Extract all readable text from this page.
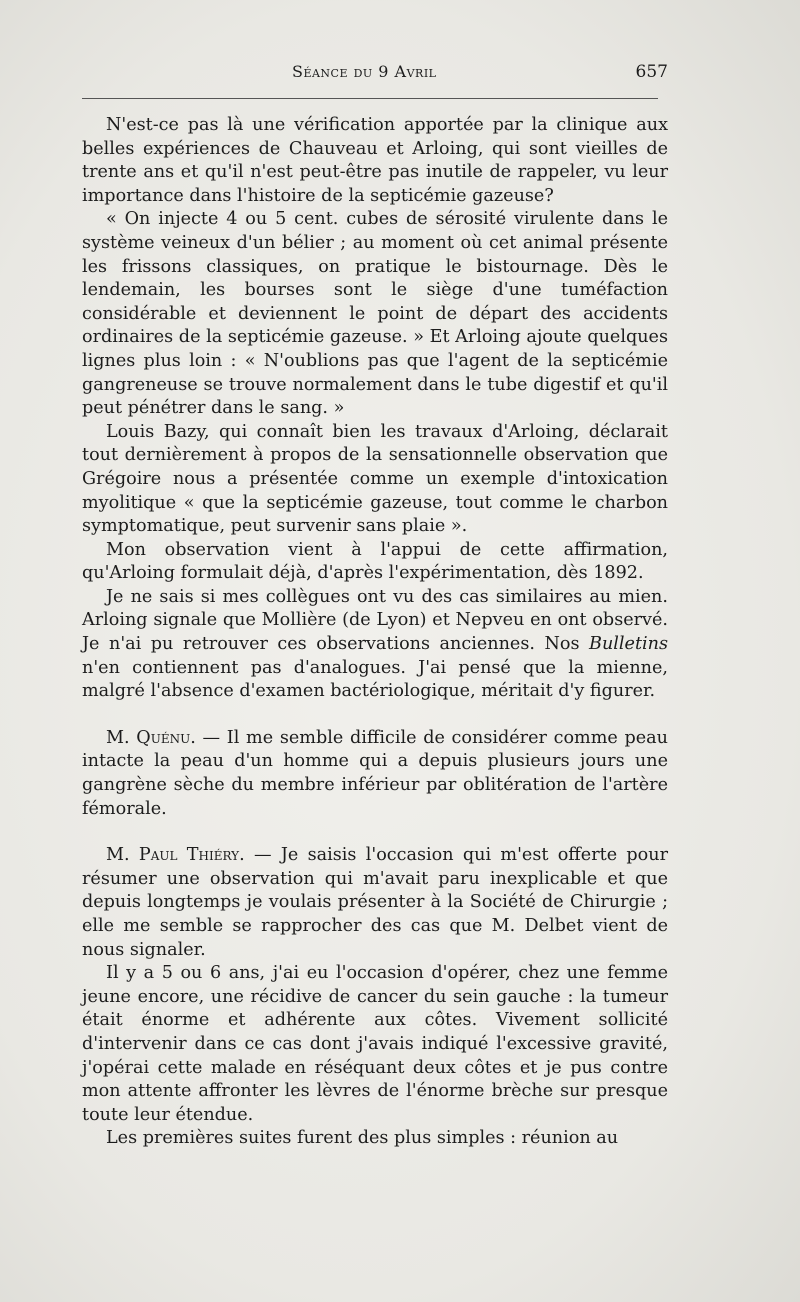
Séance du 9 Avril	657

N'est-ce pas là une vérification apportée par la clinique aux belles expériences de Chauveau et Arloing, qui sont vieilles de trente ans et qu'il n'est peut-être pas inutile de rappeler, vu leur importance dans l'histoire de la septicémie gazeuse?

« On injecte 4 ou 5 cent. cubes de sérosité virulente dans le système veineux d'un bélier ; au moment où cet animal présente les frissons classiques, on pratique le bistournage. Dès le lendemain, les bourses sont le siège d'une tuméfaction considérable et deviennent le point de départ des accidents ordinaires de la septicémie gazeuse. » Et Arloing ajoute quelques lignes plus loin : « N'oublions pas que l'agent de la septicémie gangreneuse se trouve normalement dans le tube digestif et qu'il peut pénétrer dans le sang. »

Louis Bazy, qui connaît bien les travaux d'Arloing, déclarait tout dernièrement à propos de la sensationnelle observation que Grégoire nous a présentée comme un exemple d'intoxication myolitique « que la septicémie gazeuse, tout comme le charbon symptomatique, peut survenir sans plaie ».

Mon observation vient à l'appui de cette affirmation, qu'Arloing formulait déjà, d'après l'expérimentation, dès 1892.

Je ne sais si mes collègues ont vu des cas similaires au mien. Arloing signale que Mollière (de Lyon) et Nepveu en ont observé. Je n'ai pu retrouver ces observations anciennes. Nos Bulletins n'en contiennent pas d'analogues. J'ai pensé que la mienne, malgré l'absence d'examen bactériologique, méritait d'y figurer.

M. Quénu. — Il me semble difficile de considérer comme peau intacte la peau d'un homme qui a depuis plusieurs jours une gangrène sèche du membre inférieur par oblitération de l'artère fémorale.

M. Paul Thiéry. — Je saisis l'occasion qui m'est offerte pour résumer une observation qui m'avait paru inexplicable et que depuis longtemps je voulais présenter à la Société de Chirurgie ; elle me semble se rapprocher des cas que M. Delbet vient de nous signaler.

Il y a 5 ou 6 ans, j'ai eu l'occasion d'opérer, chez une femme jeune encore, une récidive de cancer du sein gauche : la tumeur était énorme et adhérente aux côtes. Vivement sollicité d'intervenir dans ce cas dont j'avais indiqué l'excessive gravité, j'opérai cette malade en réséquant deux côtes et je pus contre mon attente affronter les lèvres de l'énorme brèche sur presque toute leur étendue.

Les premières suites furent des plus simples : réunion au
